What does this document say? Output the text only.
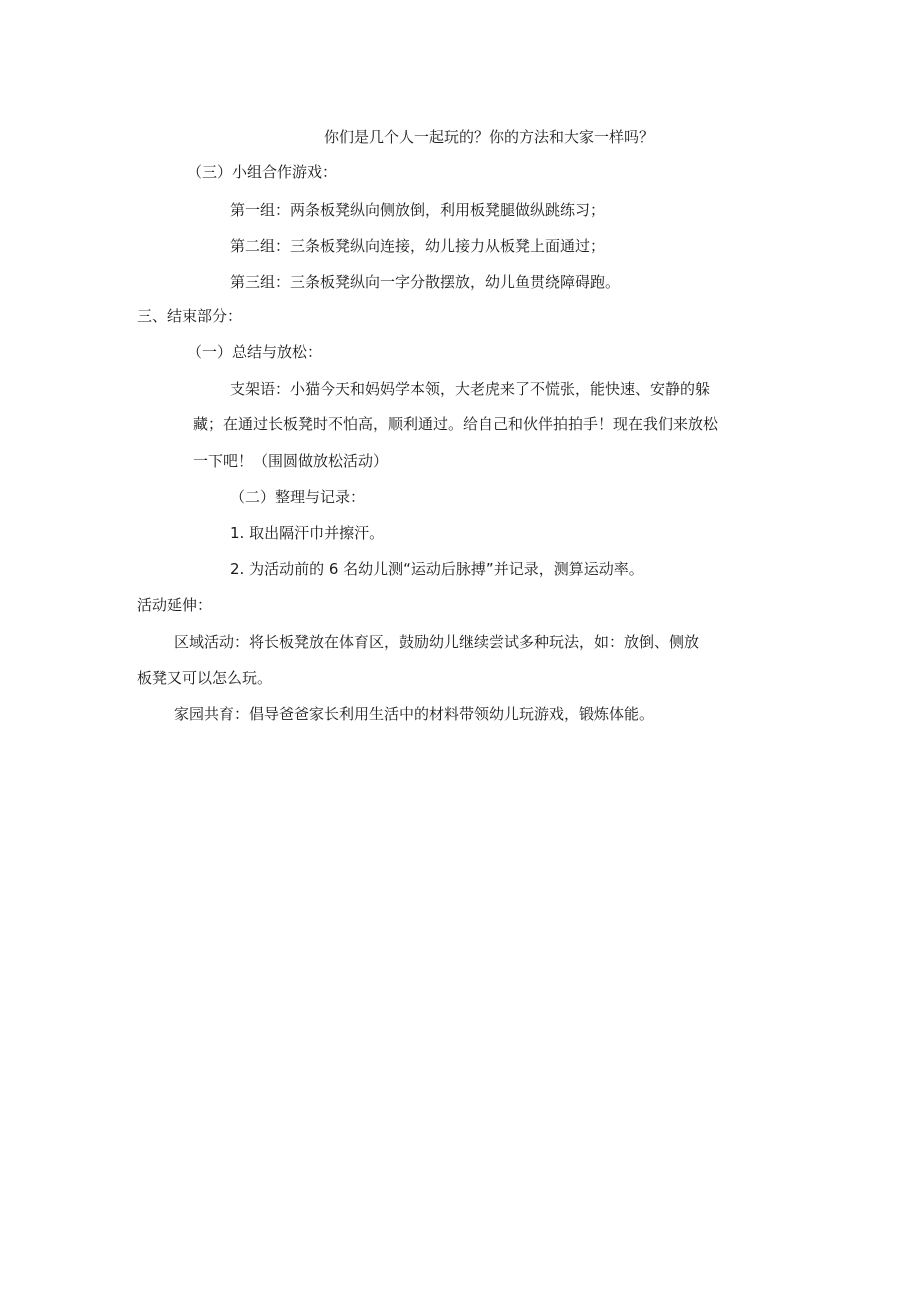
你们是几个人一起玩的？你的方法和大家一样吗？
（三）小组合作游戏：
第一组：两条板凳纵向侧放倒，利用板凳腿做纵跳练习；
第二组：三条板凳纵向连接，幼儿接力从板凳上面通过；
第三组：三条板凳纵向一字分散摆放，幼儿鱼贯绕障碍跑。
三、结束部分：
（一）总结与放松：
支架语：小猫今天和妈妈学本领，大老虎来了不慌张，能快速、安静的躲
藏；在通过长板凳时不怕高，顺利通过。给自己和伙伴拍拍手！现在我们来放松
一下吧！（围圆做放松活动）
（二）整理与记录：
1. 取出隔汗巾并擦汗。
2. 为活动前的 6 名幼儿测“运动后脉搏”并记录，测算运动率。
活动延伸：
区域活动：将长板凳放在体育区，鼓励幼儿继续尝试多种玩法，如：放倒、侧放
板凳又可以怎么玩。
家园共育：倡导爸爸家长利用生活中的材料带领幼儿玩游戏，锻炼体能。
